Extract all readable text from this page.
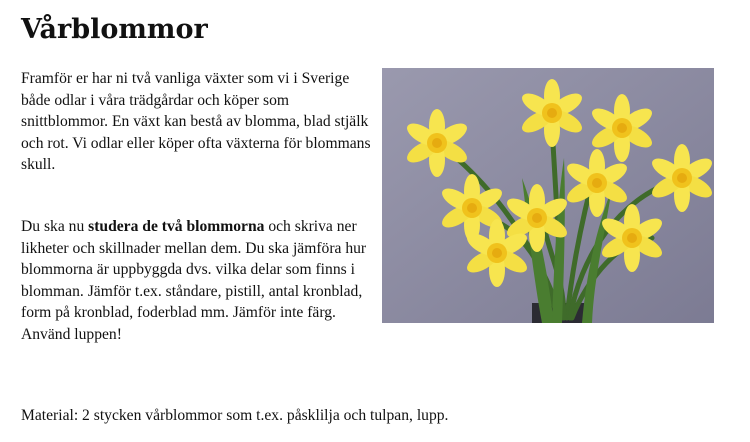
Vårblommor

Framför er har ni två vanliga växter som vi i Sverige både odlar i våra trädgårdar och köper som snittblommor. En växt kan bestå av blomma, blad stjälk och rot. Vi odlar eller köper ofta växterna för blommans skull.

Du ska nu studera de två blommorna och skriva ner likheter och skillnader mellan dem. Du ska jämföra hur blommorna är uppbyggda dvs. vilka delar som finns i blomman. Jämför t.ex. ståndare, pistill, antal kronblad, form på kronblad, foderblad mm. Jämför inte färg. Använd luppen!

Material: 2 stycken vårblommor som t.ex. påsklilja och tulpan, lupp.
